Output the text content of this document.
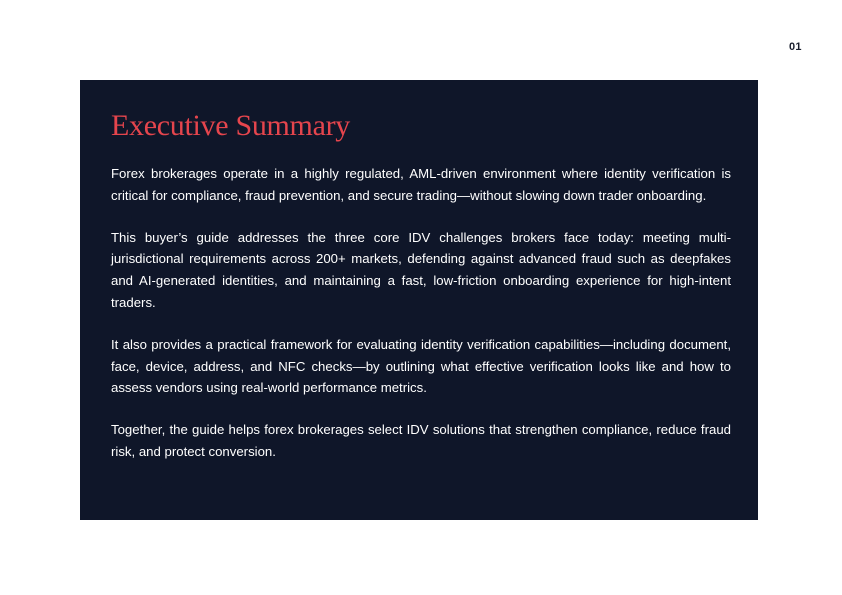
01
Executive Summary

Forex brokerages operate in a highly regulated, AML-driven environment where identity verification is critical for compliance, fraud prevention, and secure trading—without slowing down trader onboarding.

This buyer’s guide addresses the three core IDV challenges brokers face today: meeting multi-jurisdictional requirements across 200+ markets, defending against advanced fraud such as deepfakes and AI-generated identities, and maintaining a fast, low-friction onboarding experience for high-intent traders.

It also provides a practical framework for evaluating identity verification capabilities—including document, face, device, address, and NFC checks—by outlining what effective verification looks like and how to assess vendors using real-world performance metrics.

Together, the guide helps forex brokerages select IDV solutions that strengthen compliance, reduce fraud risk, and protect conversion.
